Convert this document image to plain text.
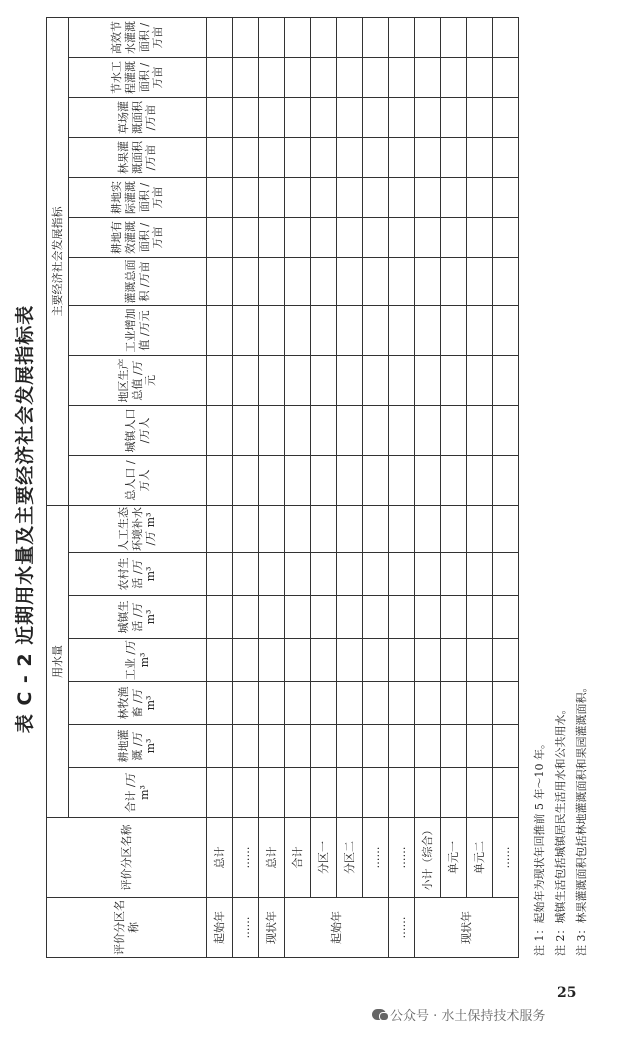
表 C - 2 近期用水量及主要经济社会发展指标表
评价分区名称	评价分区名称	用水量							主要经济社会发展指标										
		合计 /万 m³	耕地灌溉 /万 m³	林牧渔畜 /万 m³	工业 /万 m³	城镇生活 /万 m³	农村生活 /万 m³	人工生态环境补水 /万 m³	总人口 /万人	城镇人口 /万人	地区生产总值 /万元	工业增加值 /万元	灌溉总面积 /万亩	耕地有效灌溉面积 /万亩	耕地实际灌溉面积 /万亩	林果灌溉面积 /万亩	草场灌溉面积 /万亩	节水工程灌溉面积 /万亩	高效节水灌溉面积 /万亩
起始年	总计																		
……	……																		
现状年	总计																		
起始年	合计																		
	分区一																		
	分区二																		
	……																		
……	……																		
现状年	小计（综合）																		
	单元一																		
	单元二																		
	……																		注 1：起始年为现状年回推前 5 年～10 年。 注 2：城镇生活包括城镇居民生活用水和公共用水。 注 3：林果灌溉面积包括林地灌溉面积和果园灌溉面积。
25
公众号 · 水土保持技术服务
